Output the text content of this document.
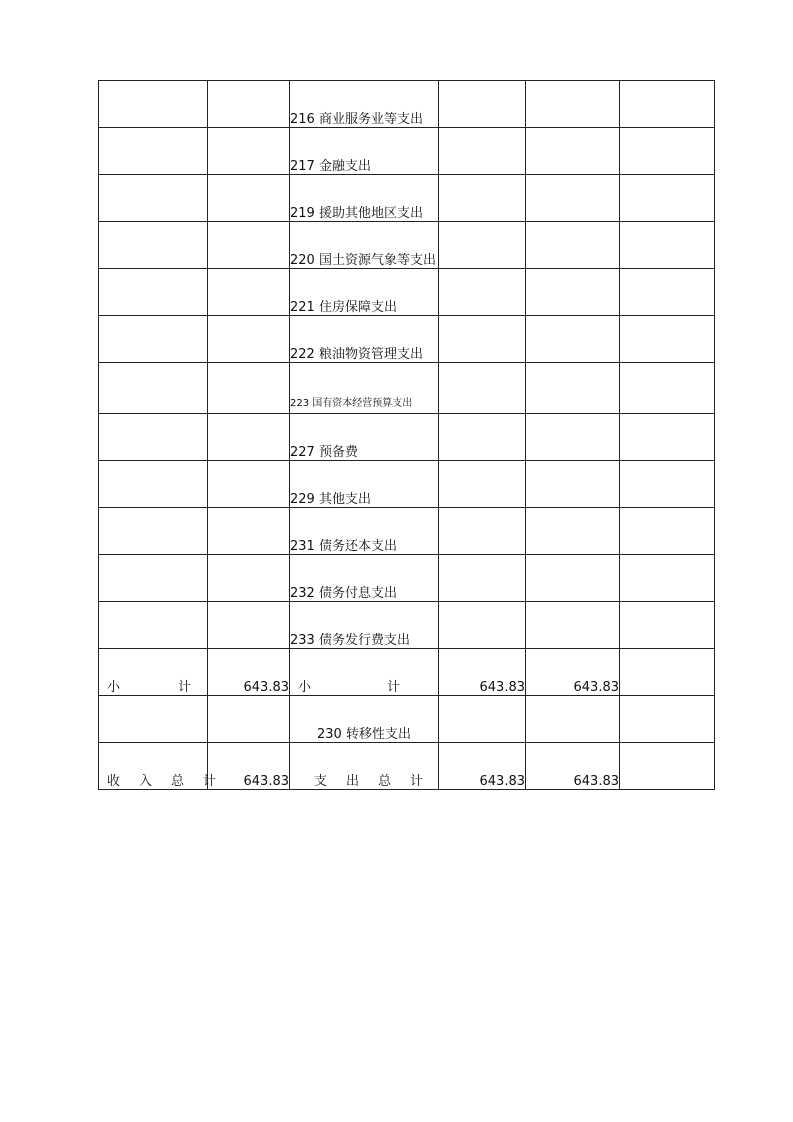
		216 商业服务业等支出			
		217 金融支出			
		219 援助其他地区支出			
		220 国土资源气象等支出			
		221 住房保障支出			
		222 粮油物资管理支出			
		223 国有资本经营预算支出			
		227 预备费			
		229 其他支出			
		231 债务还本支出			
		232 债务付息支出			
		233 债务发行费支出			
小计	643.83	小计	643.83	643.83	
		230 转移性支出			
收入总计	643.83	支出总计	643.83	643.83	
